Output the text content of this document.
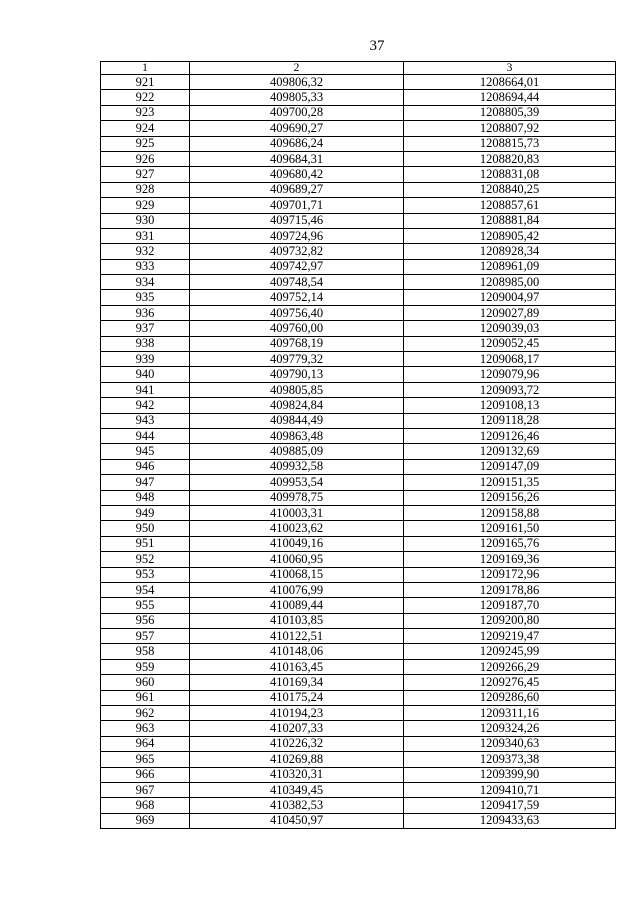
37
1	2	3
921	409806,32	1208664,01
922	409805,33	1208694,44
923	409700,28	1208805,39
924	409690,27	1208807,92
925	409686,24	1208815,73
926	409684,31	1208820,83
927	409680,42	1208831,08
928	409689,27	1208840,25
929	409701,71	1208857,61
930	409715,46	1208881,84
931	409724,96	1208905,42
932	409732,82	1208928,34
933	409742,97	1208961,09
934	409748,54	1208985,00
935	409752,14	1209004,97
936	409756,40	1209027,89
937	409760,00	1209039,03
938	409768,19	1209052,45
939	409779,32	1209068,17
940	409790,13	1209079,96
941	409805,85	1209093,72
942	409824,84	1209108,13
943	409844,49	1209118,28
944	409863,48	1209126,46
945	409885,09	1209132,69
946	409932,58	1209147,09
947	409953,54	1209151,35
948	409978,75	1209156,26
949	410003,31	1209158,88
950	410023,62	1209161,50
951	410049,16	1209165,76
952	410060,95	1209169,36
953	410068,15	1209172,96
954	410076,99	1209178,86
955	410089,44	1209187,70
956	410103,85	1209200,80
957	410122,51	1209219,47
958	410148,06	1209245,99
959	410163,45	1209266,29
960	410169,34	1209276,45
961	410175,24	1209286,60
962	410194,23	1209311,16
963	410207,33	1209324,26
964	410226,32	1209340,63
965	410269,88	1209373,38
966	410320,31	1209399,90
967	410349,45	1209410,71
968	410382,53	1209417,59
969	410450,97	1209433,63
